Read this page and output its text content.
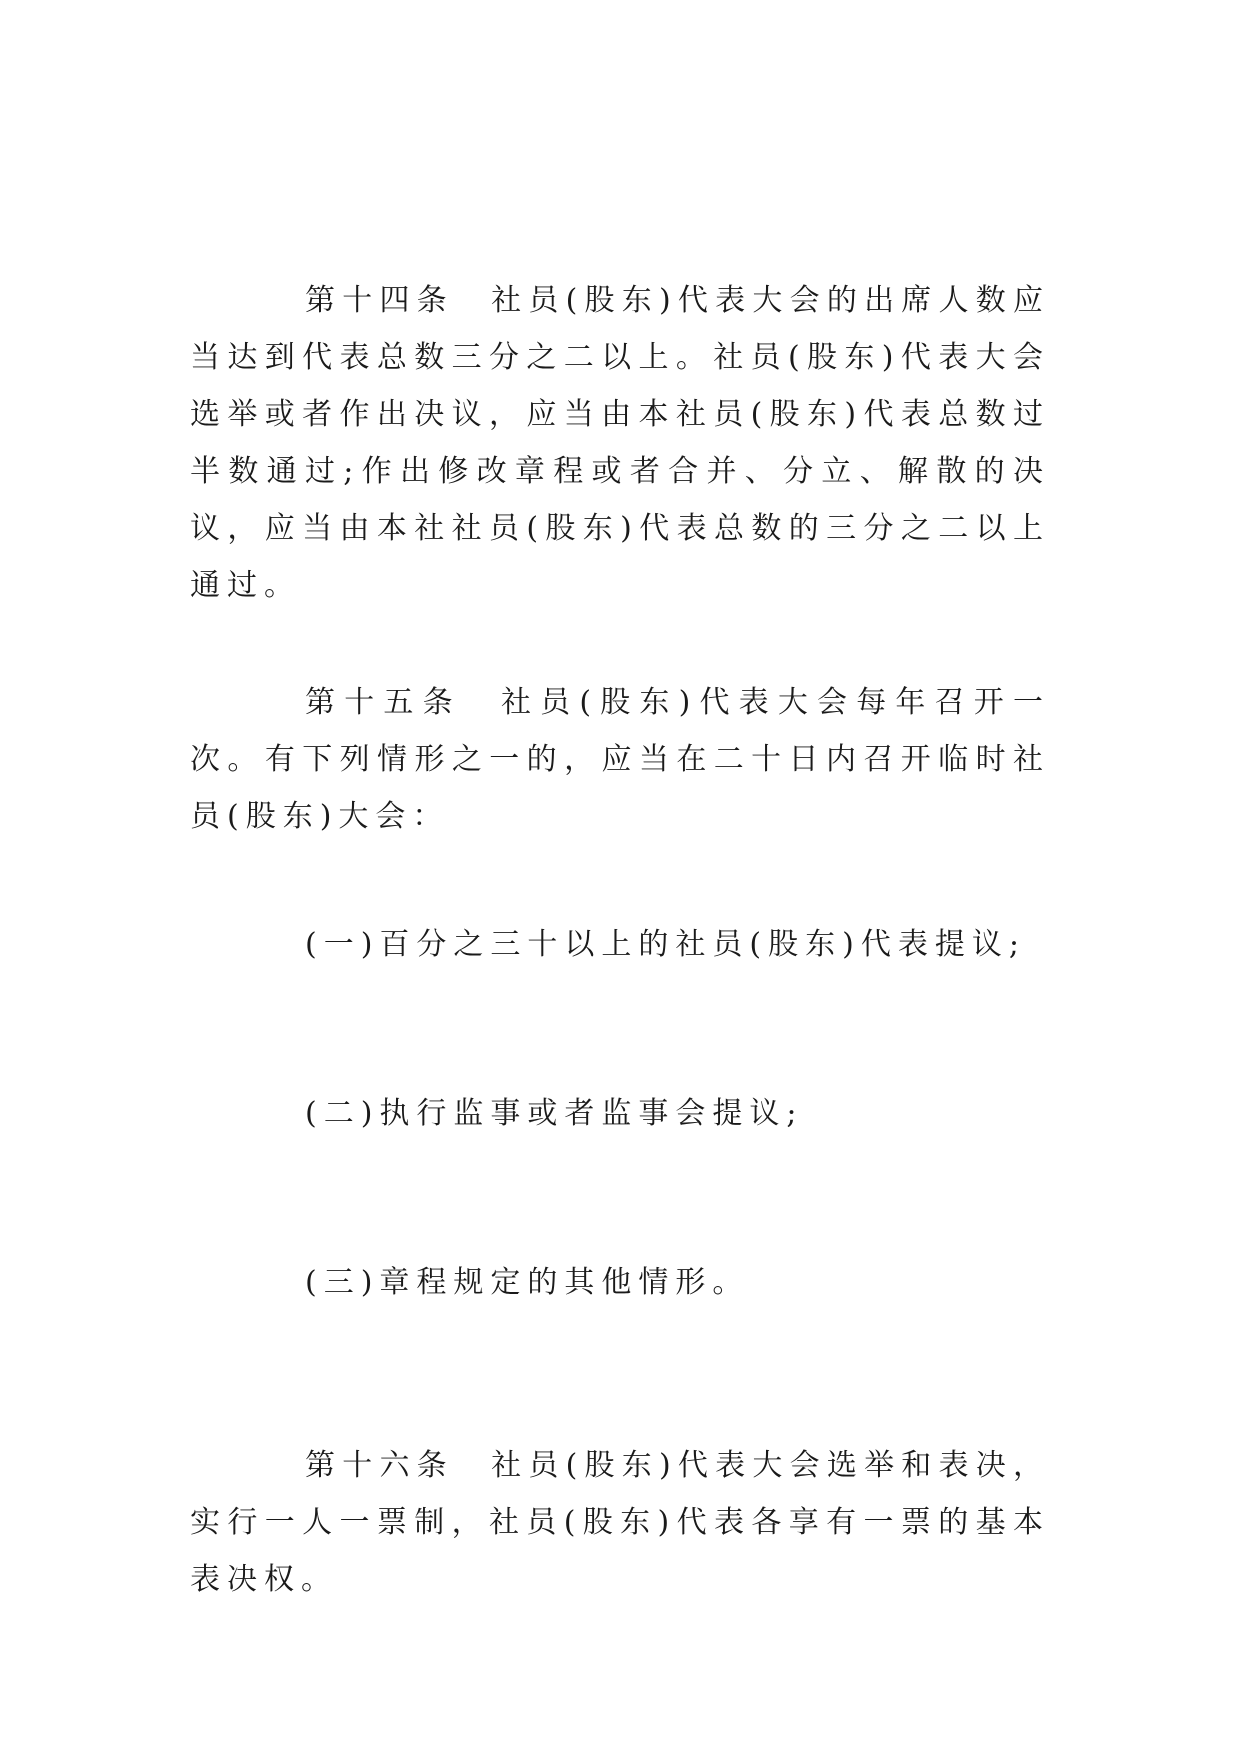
第十四条　社员(股东)代表大会的出席人数应当达到代表总数三分之二以上。社员(股东)代表大会选举或者作出决议，应当由本社员(股东)代表总数过半数通过;作出修改章程或者合并、分立、解散的决议，应当由本社社员(股东)代表总数的三分之二以上通过。

第十五条　社员(股东)代表大会每年召开一次。有下列情形之一的，应当在二十日内召开临时社员(股东)大会：

(一)百分之三十以上的社员(股东)代表提议;

(二)执行监事或者监事会提议;

(三)章程规定的其他情形。

第十六条　社员(股东)代表大会选举和表决，实行一人一票制，社员(股东)代表各享有一票的基本表决权。
